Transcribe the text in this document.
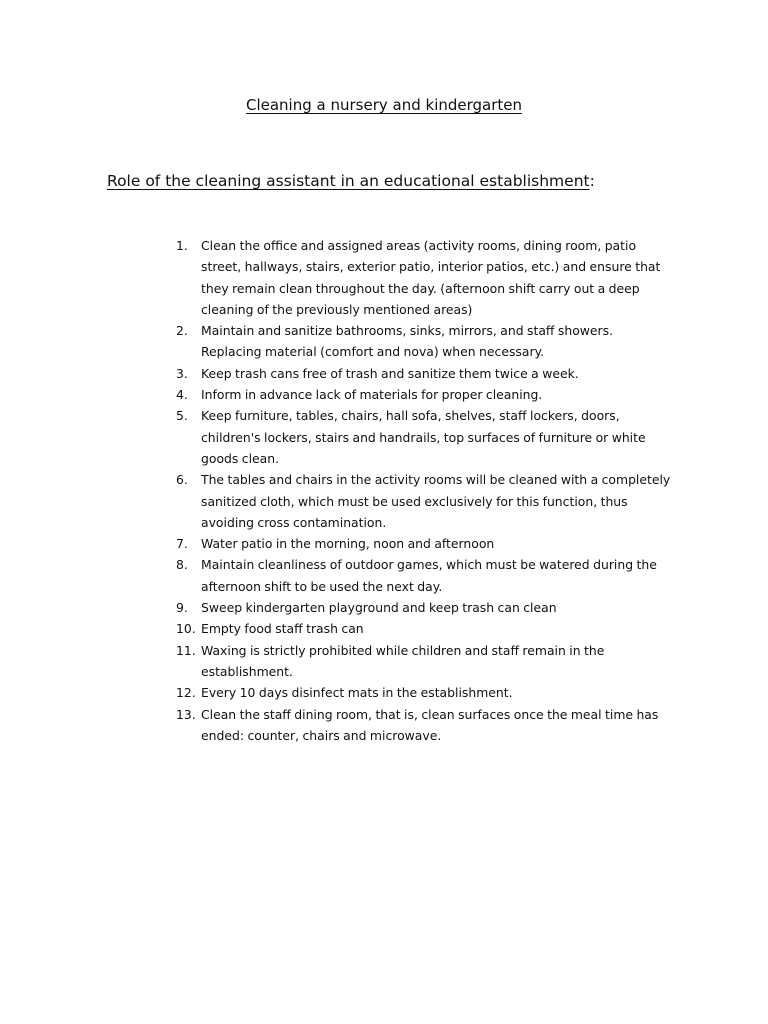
Cleaning a nursery and kindergarten
Role of the cleaning assistant in an educational establishment:
1.	Clean the office and assigned areas (activity rooms, dining room, patio street, hallways, stairs, exterior patio, interior patios, etc.) and ensure that they remain clean throughout the day. (afternoon shift carry out a deep cleaning of the previously mentioned areas)
2.	Maintain and sanitize bathrooms, sinks, mirrors, and staff showers. Replacing material (comfort and nova) when necessary.
3.	Keep trash cans free of trash and sanitize them twice a week.
4.	Inform in advance lack of materials for proper cleaning.
5.	Keep furniture, tables, chairs, hall sofa, shelves, staff lockers, doors, children's lockers, stairs and handrails, top surfaces of furniture or white goods clean.
6.	The tables and chairs in the activity rooms will be cleaned with a completely sanitized cloth, which must be used exclusively for this function, thus avoiding cross contamination.
7.	Water patio in the morning, noon and afternoon
8.	Maintain cleanliness of outdoor games, which must be watered during the afternoon shift to be used the next day.
9.	Sweep kindergarten playground and keep trash can clean
10. Empty food staff trash can
11. Waxing is strictly prohibited while children and staff remain in the establishment.
12. Every 10 days disinfect mats in the establishment.
13. Clean the staff dining room, that is, clean surfaces once the meal time has ended: counter, chairs and microwave.
